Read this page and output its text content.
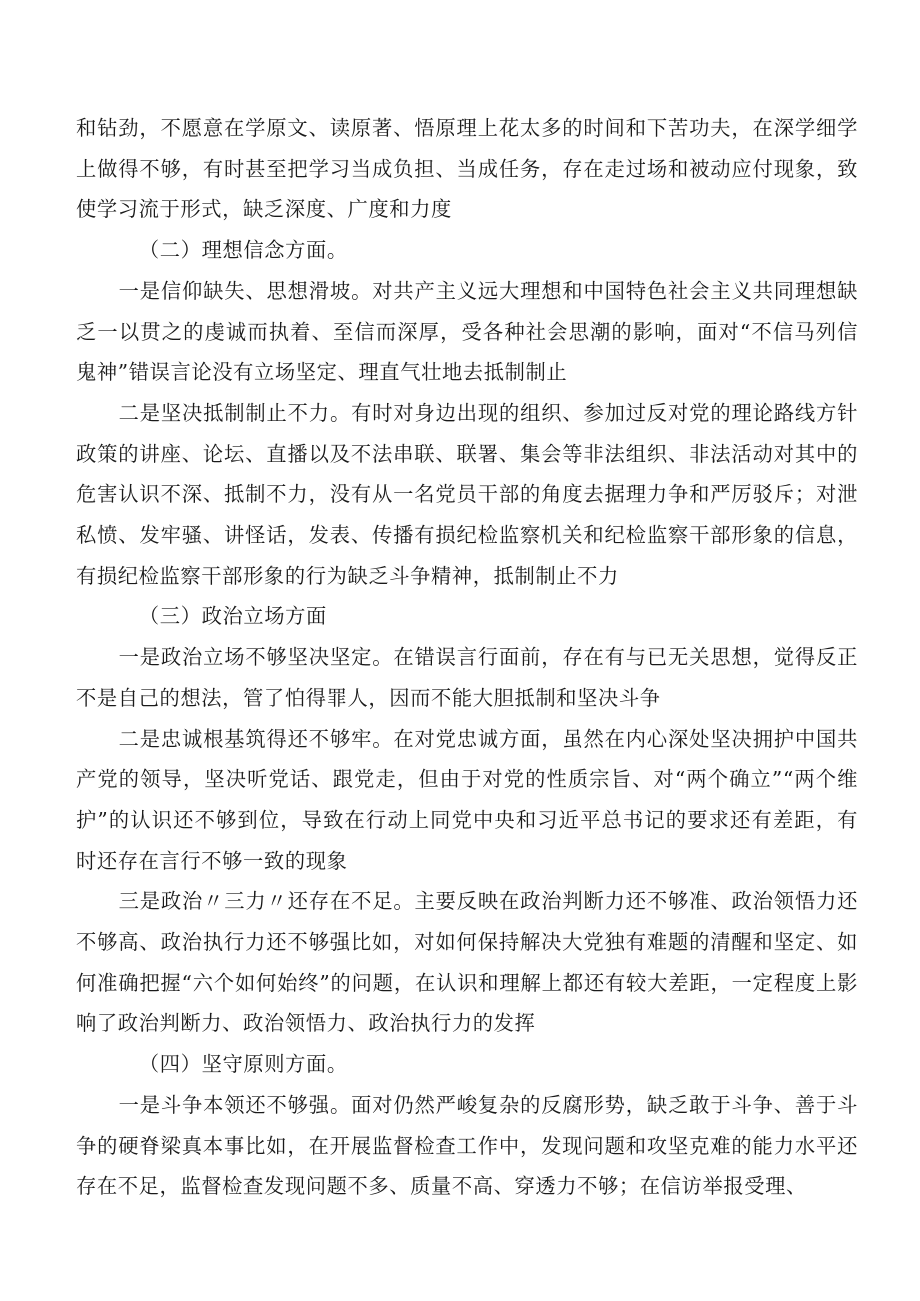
和钻劲，不愿意在学原文、读原著、悟原理上花太多的时间和下苦功夫，在深学细学上做得不够，有时甚至把学习当成负担、当成任务，存在走过场和被动应付现象，致使学习流于形式，缺乏深度、广度和力度

（二）理想信念方面。

一是信仰缺失、思想滑坡。对共产主义远大理想和中国特色社会主义共同理想缺乏一以贯之的虔诚而执着、至信而深厚，受各种社会思潮的影响，面对“不信马列信鬼神”错误言论没有立场坚定、理直气壮地去抵制制止

二是坚决抵制制止不力。有时对身边出现的组织、参加过反对党的理论路线方针政策的讲座、论坛、直播以及不法串联、联署、集会等非法组织、非法活动对其中的危害认识不深、抵制不力，没有从一名党员干部的角度去据理力争和严厉驳斥；对泄私愤、发牢骚、讲怪话，发表、传播有损纪检监察机关和纪检监察干部形象的信息，有损纪检监察干部形象的行为缺乏斗争精神，抵制制止不力

（三）政治立场方面

一是政治立场不够坚决坚定。在错误言行面前，存在有与已无关思想，觉得反正不是自己的想法，管了怕得罪人，因而不能大胆抵制和坚决斗争

二是忠诚根基筑得还不够牢。在对党忠诚方面，虽然在内心深处坚决拥护中国共产党的领导，坚决听党话、跟党走，但由于对党的性质宗旨、对“两个确立”“两个维护”的认识还不够到位，导致在行动上同党中央和习近平总书记的要求还有差距，有时还存在言行不够一致的现象

三是政治〃三力〃还存在不足。主要反映在政治判断力还不够准、政治领悟力还不够高、政治执行力还不够强比如，对如何保持解决大党独有难题的清醒和坚定、如何准确把握“六个如何始终”的问题，在认识和理解上都还有较大差距，一定程度上影响了政治判断力、政治领悟力、政治执行力的发挥

（四）坚守原则方面。

一是斗争本领还不够强。面对仍然严峻复杂的反腐形势，缺乏敢于斗争、善于斗争的硬脊梁真本事比如，在开展监督检查工作中，发现问题和攻坚克难的能力水平还存在不足，监督检查发现问题不多、质量不高、穿透力不够；在信访举报受理、
